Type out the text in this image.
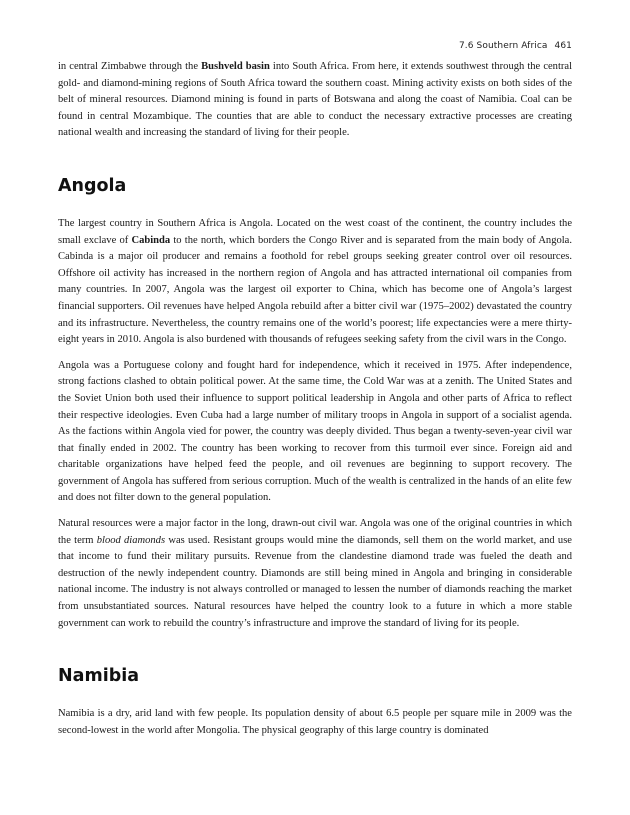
7.6 Southern Africa 461

in central Zimbabwe through the Bushveld basin into South Africa. From here, it extends southwest through the central gold- and diamond-mining regions of South Africa toward the southern coast. Mining activity exists on both sides of the belt of mineral resources. Diamond mining is found in parts of Botswana and along the coast of Namibia. Coal can be found in central Mozambique. The counties that are able to conduct the necessary extractive processes are creating national wealth and increasing the standard of living for their people.

Angola

The largest country in Southern Africa is Angola. Located on the west coast of the continent, the country includes the small exclave of Cabinda to the north, which borders the Congo River and is separated from the main body of Angola. Cabinda is a major oil producer and remains a foothold for rebel groups seeking greater control over oil resources. Offshore oil activity has increased in the northern region of Angola and has attracted international oil companies from many countries. In 2007, Angola was the largest oil exporter to China, which has become one of Angola’s largest financial supporters. Oil revenues have helped Angola rebuild after a bitter civil war (1975–2002) devastated the country and its infrastructure. Nevertheless, the country remains one of the world’s poorest; life expectancies were a mere thirty-eight years in 2010. Angola is also burdened with thousands of refugees seeking safety from the civil wars in the Congo.

Angola was a Portuguese colony and fought hard for independence, which it received in 1975. After independence, strong factions clashed to obtain political power. At the same time, the Cold War was at a zenith. The United States and the Soviet Union both used their influence to support political leadership in Angola and other parts of Africa to reflect their respective ideologies. Even Cuba had a large number of military troops in Angola in support of a socialist agenda. As the factions within Angola vied for power, the country was deeply divided. Thus began a twenty-seven-year civil war that finally ended in 2002. The country has been working to recover from this turmoil ever since. Foreign aid and charitable organizations have helped feed the people, and oil revenues are beginning to support recovery. The government of Angola has suffered from serious corruption. Much of the wealth is centralized in the hands of an elite few and does not filter down to the general population.

Natural resources were a major factor in the long, drawn-out civil war. Angola was one of the original countries in which the term blood diamonds was used. Resistant groups would mine the diamonds, sell them on the world market, and use that income to fund their military pursuits. Revenue from the clandestine diamond trade was fueled the death and destruction of the newly independent country. Diamonds are still being mined in Angola and bringing in considerable national income. The industry is not always controlled or managed to lessen the number of diamonds reaching the market from unsubstantiated sources. Natural resources have helped the country look to a future in which a more stable government can work to rebuild the country’s infrastructure and improve the standard of living for its people.

Namibia

Namibia is a dry, arid land with few people. Its population density of about 6.5 people per square mile in 2009 was the second-lowest in the world after Mongolia. The physical geography of this large country is dominated
